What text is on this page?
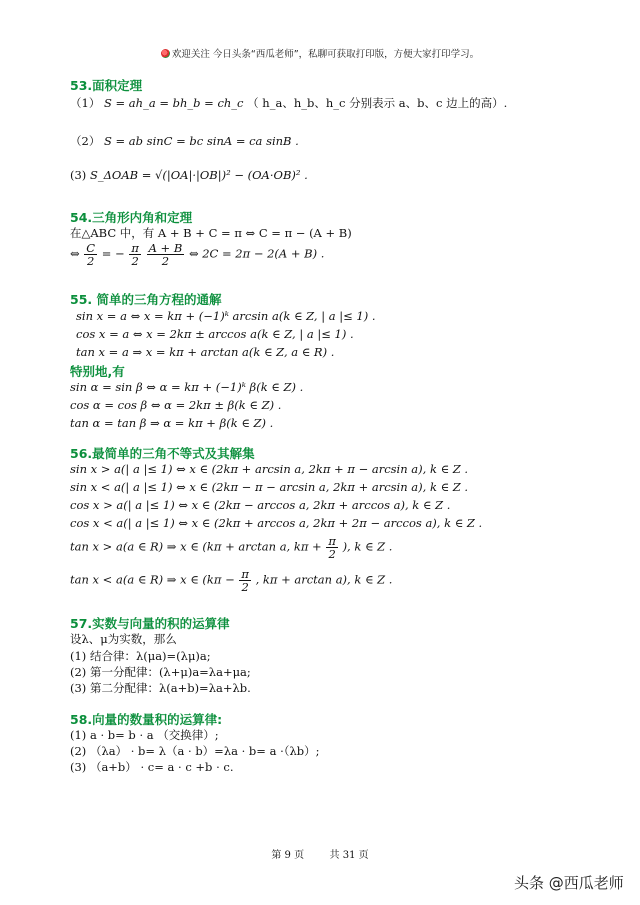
欢迎关注 今日头条“西瓜老师”，私聊可获取打印版，方便大家打印学习。
53.面积定理
（1） S = ah_a = bh_b = ch_c （ h_a、h_b、h_c 分别表示 a、b、c 边上的高）.
（2） S = ab sinC = bc sinA = ca sinB .
(3) S_ΔOAB = √(|OA|·|OB|)² − (OA·OB)² .
54.三角形内角和定理
在△ABC 中，有 A + B + C = π ⇔ C = π − (A + B)
⇔ $\frac{C}{2}$ = − $\frac{\pi}{2}$
$\frac{A + B}{2}$ ⇔ 2C = 2π − 2(A + B) .
55. 简单的三角方程的通解
sin x = a ⇔ x = kπ + (−1)ᵏ arcsin a(k ∈ Z, | a |≤ 1) .
cos x = a ⇔ x = 2kπ ± arccos a(k ∈ Z, | a |≤ 1) .
tan x = a ⇒ x = kπ + arctan a(k ∈ Z, a ∈ R) .
特别地,有
sin α = sin β ⇔ α = kπ + (−1)ᵏ β(k ∈ Z) .
cos α = cos β ⇔ α = 2kπ ± β(k ∈ Z) .
tan α = tan β ⇒ α = kπ + β(k ∈ Z) .
56.最简单的三角不等式及其解集
sin x > a(| a |≤ 1) ⇔ x ∈ (2kπ + arcsin a, 2kπ + π − arcsin a), k ∈ Z .
sin x < a(| a |≤ 1) ⇔ x ∈ (2kπ − π − arcsin a, 2kπ + arcsin a), k ∈ Z .
cos x > a(| a |≤ 1) ⇔ x ∈ (2kπ − arccos a, 2kπ + arccos a), k ∈ Z .
cos x < a(| a |≤ 1) ⇔ x ∈ (2kπ + arccos a, 2kπ + 2π − arccos a), k ∈ Z .
tan x > a(a ∈ R) ⇒ x ∈ (kπ + arctan a, $k\pi + \frac{\pi}{2}$ ), k ∈ Z .
tan x < a(a ∈ R) ⇒ x ∈ ($k\pi - \frac{\pi}{2}$ , kπ + arctan a), k ∈ Z .
57.实数与向量的积的运算律
设λ、μ为实数，那么
(1) 结合律：λ(μa)=(λμ)a;
(2) 第一分配律：(λ+μ)a=λa+μa;
(3) 第二分配律：λ(a+b)=λa+λb.
58.向量的数量积的运算律:
(1) a · b= b · a （交换律）;
(2) （λa） · b= λ（a · b）=λa · b= a ·（λb）;
(3) （a+b） · c= a · c +b · c.
第 9 页        共 31 页
头条 @西瓜老师
